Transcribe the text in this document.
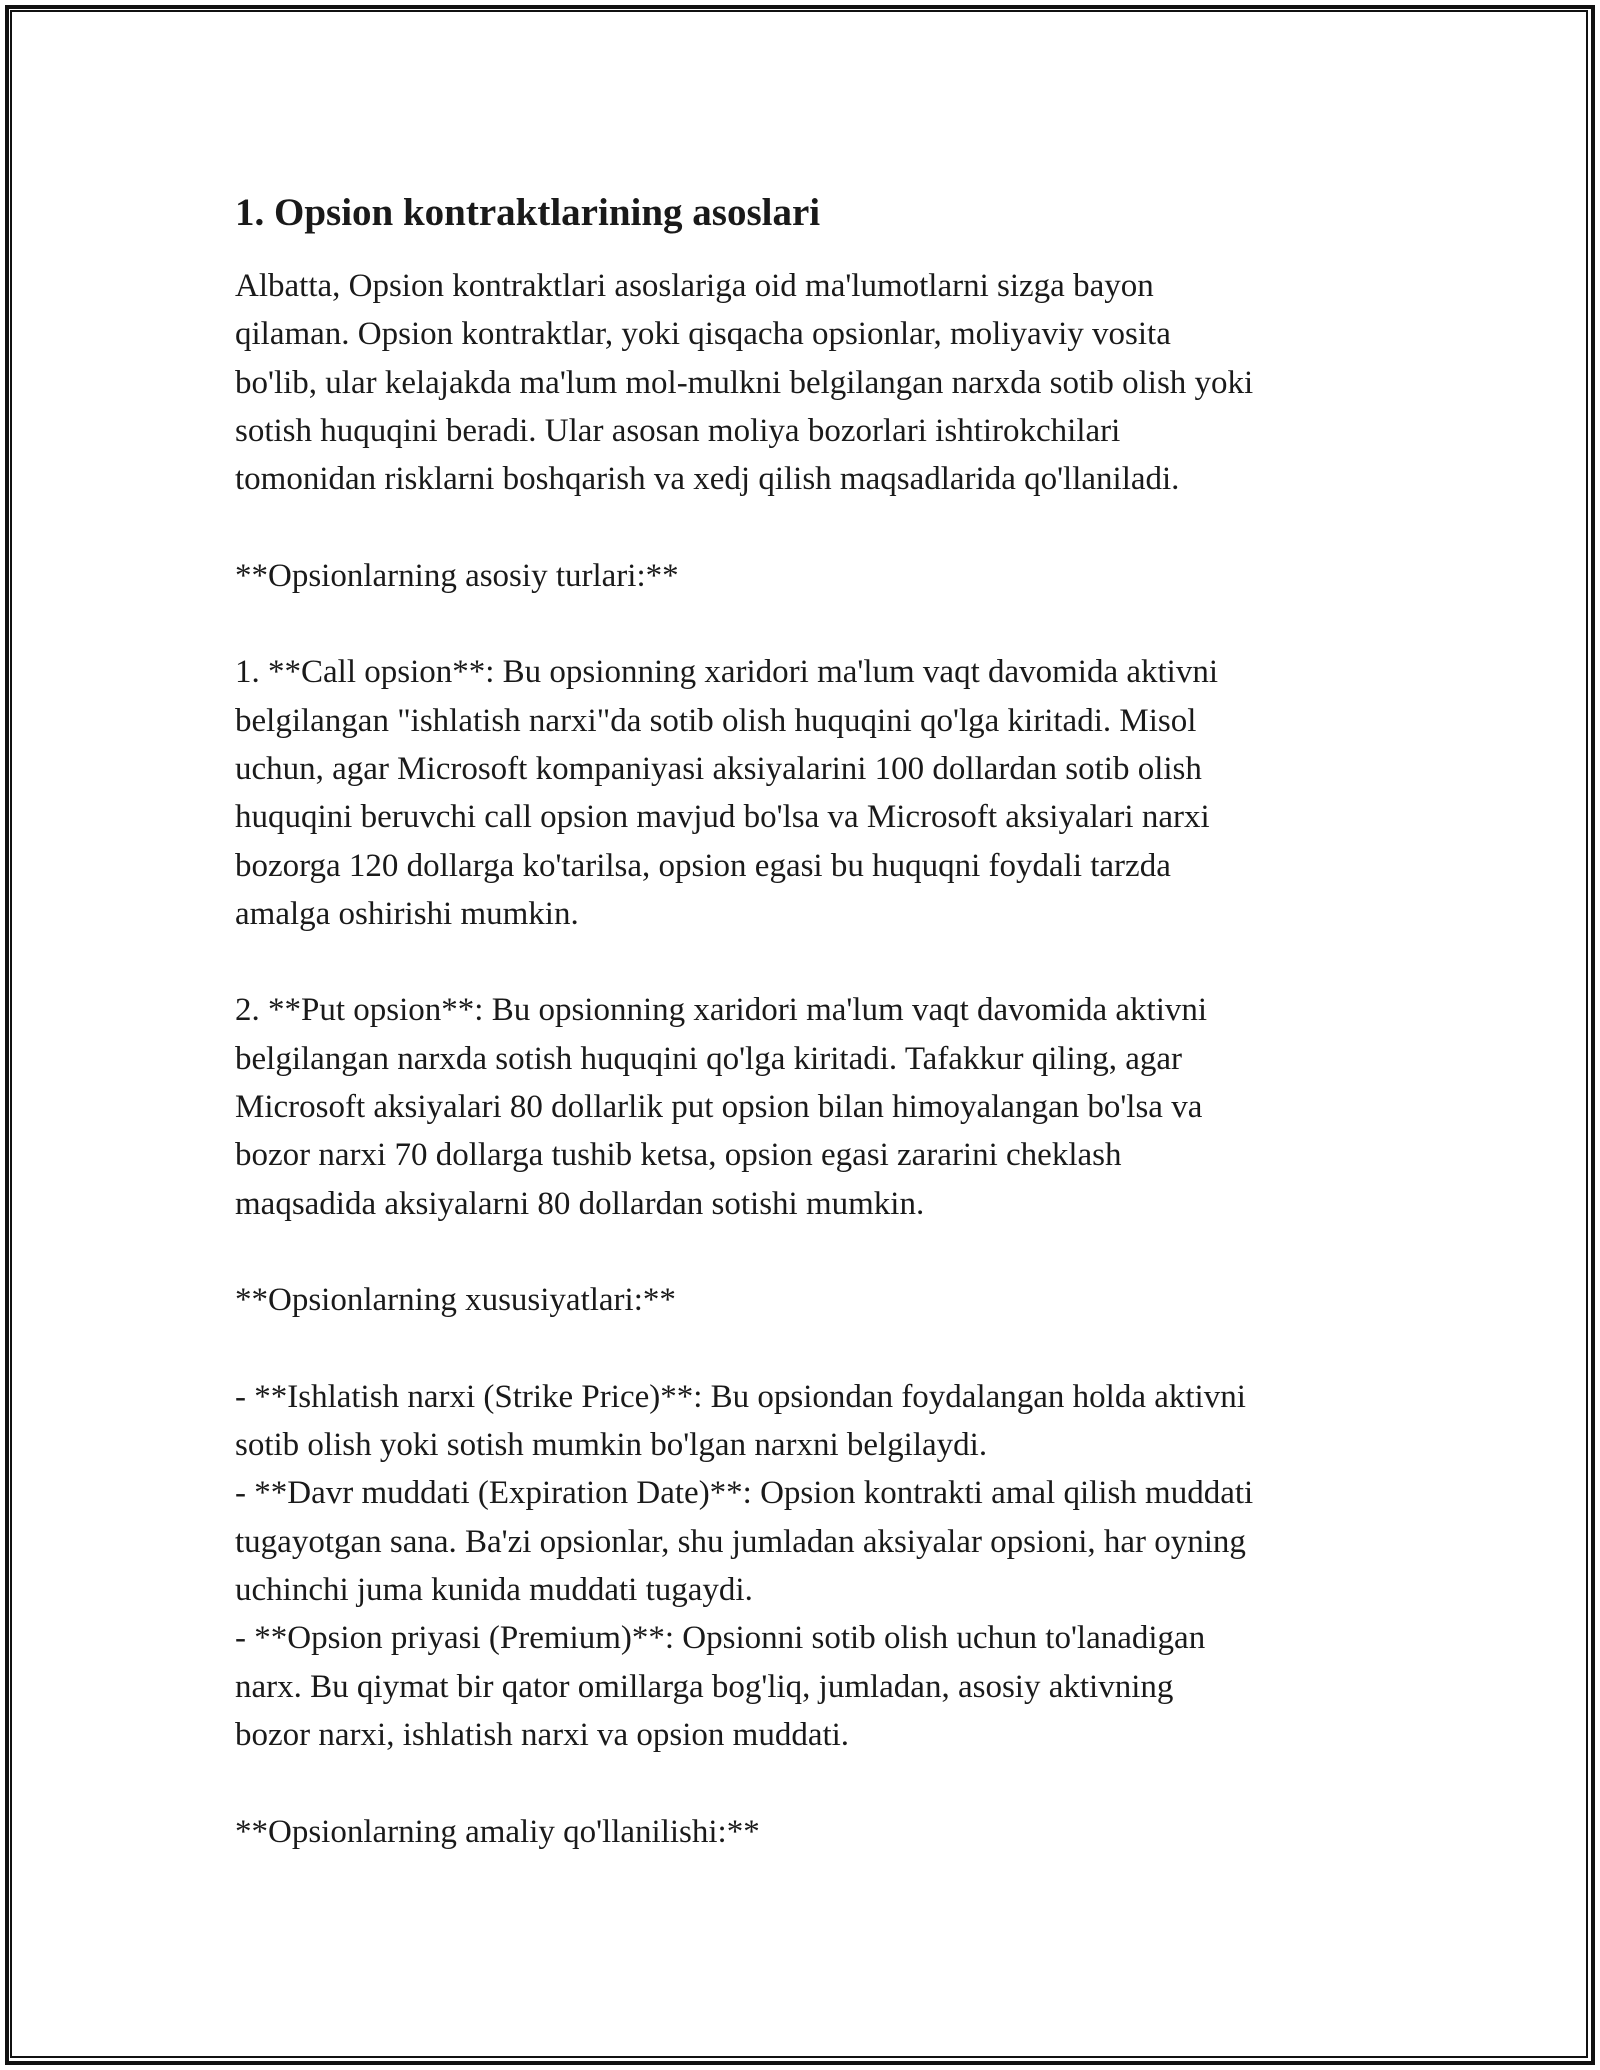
1. Opsion kontraktlarining asoslari
Albatta, Opsion kontraktlari asoslariga oid ma'lumotlarni sizga bayon
qilaman. Opsion kontraktlar, yoki qisqacha opsionlar, moliyaviy vosita
bo'lib, ular kelajakda ma'lum mol-mulkni belgilangan narxda sotib olish yoki
sotish huquqini beradi. Ular asosan moliya bozorlari ishtirokchilari
tomonidan risklarni boshqarish va xedj qilish maqsadlarida qo'llaniladi.
**Opsionlarning asosiy turlari:**
1. **Call opsion**: Bu opsionning xaridori ma'lum vaqt davomida aktivni
belgilangan "ishlatish narxi"da sotib olish huquqini qo'lga kiritadi. Misol
uchun, agar Microsoft kompaniyasi aksiyalarini 100 dollardan sotib olish
huquqini beruvchi call opsion mavjud bo'lsa va Microsoft aksiyalari narxi
bozorga 120 dollarga ko'tarilsa, opsion egasi bu huquqni foydali tarzda
amalga oshirishi mumkin.
2. **Put opsion**: Bu opsionning xaridori ma'lum vaqt davomida aktivni
belgilangan narxda sotish huquqini qo'lga kiritadi. Tafakkur qiling, agar
Microsoft aksiyalari 80 dollarlik put opsion bilan himoyalangan bo'lsa va
bozor narxi 70 dollarga tushib ketsa, opsion egasi zararini cheklash
maqsadida aksiyalarni 80 dollardan sotishi mumkin.
**Opsionlarning xususiyatlari:**
- **Ishlatish narxi (Strike Price)**: Bu opsiondan foydalangan holda aktivni
sotib olish yoki sotish mumkin bo'lgan narxni belgilaydi.
- **Davr muddati (Expiration Date)**: Opsion kontrakti amal qilish muddati
tugayotgan sana. Ba'zi opsionlar, shu jumladan aksiyalar opsioni, har oyning
uchinchi juma kunida muddati tugaydi.
- **Opsion priyasi (Premium)**: Opsionni sotib olish uchun to'lanadigan
narx. Bu qiymat bir qator omillarga bog'liq, jumladan, asosiy aktivning
bozor narxi, ishlatish narxi va opsion muddati.
**Opsionlarning amaliy qo'llanilishi:**
